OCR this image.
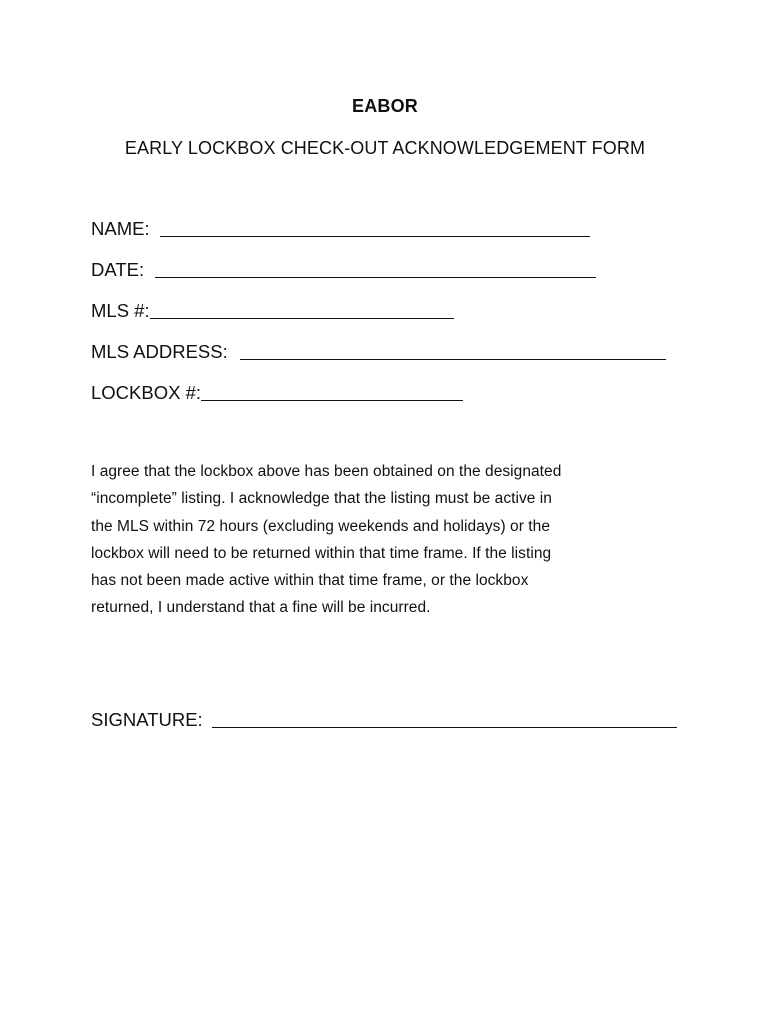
EABOR
EARLY LOCKBOX CHECK-OUT ACKNOWLEDGEMENT FORM
NAME:
DATE:
MLS #:
MLS ADDRESS:
LOCKBOX #:
I agree that the lockbox above has been obtained on the designated
“incomplete” listing. I acknowledge that the listing must be active in
the MLS within 72 hours (excluding weekends and holidays) or the
lockbox will need to be returned within that time frame. If the listing
has not been made active within that time frame, or the lockbox
returned, I understand that a fine will be incurred.
SIGNATURE:
